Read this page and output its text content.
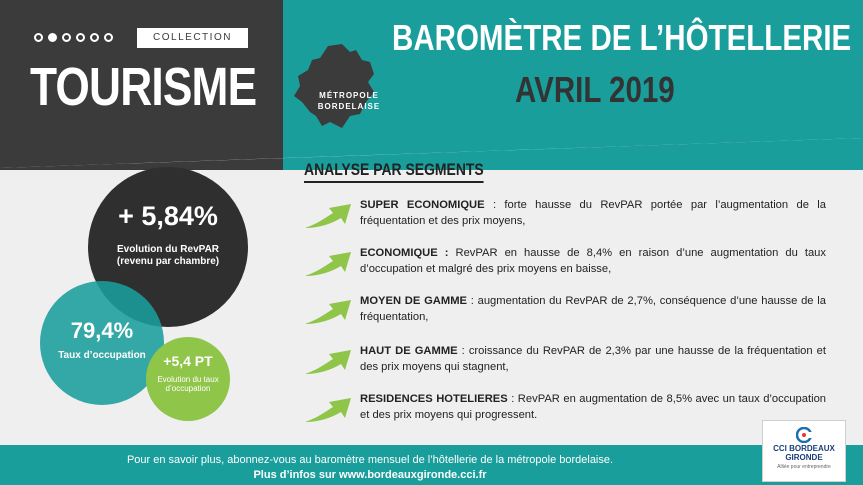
COLLECTION
TOURISME	MÉTROPOLE
BORDELAISE
BAROMÈTRE DE L’HÔTELLERIE
AVRIL 2019
+ 5,84%
Evolution du RevPAR (revenu par chambre)
79,4%
Taux d’occupation	+5,4 PT
Evolution du taux d’occupation
ANALYSE PAR SEGMENTS
SUPER ECONOMIQUE : forte hausse du RevPAR portée par l’augmentation de la fréquentation et des prix moyens,
ECONOMIQUE : RevPAR en hausse de 8,4% en raison d’une augmentation du taux d’occupation et malgré des prix moyens en baisse,
MOYEN DE GAMME : augmentation du RevPAR de 2,7%, conséquence d’une hausse de la fréquentation,
HAUT DE GAMME : croissance du RevPAR de 2,3% par une hausse de la fréquentation et des prix moyens qui stagnent,
RESIDENCES HOTELIERES : RevPAR en augmentation de 8,5% avec un taux d’occupation et des prix moyens qui progressent.
Pour en savoir plus, abonnez-vous au baromètre mensuel de l’hôtellerie de la métropole bordelaise.
Plus d’infos sur www.bordeauxgironde.cci.fr
CCI BORDEAUX
GIRONDE
Alliée pour entreprendre
